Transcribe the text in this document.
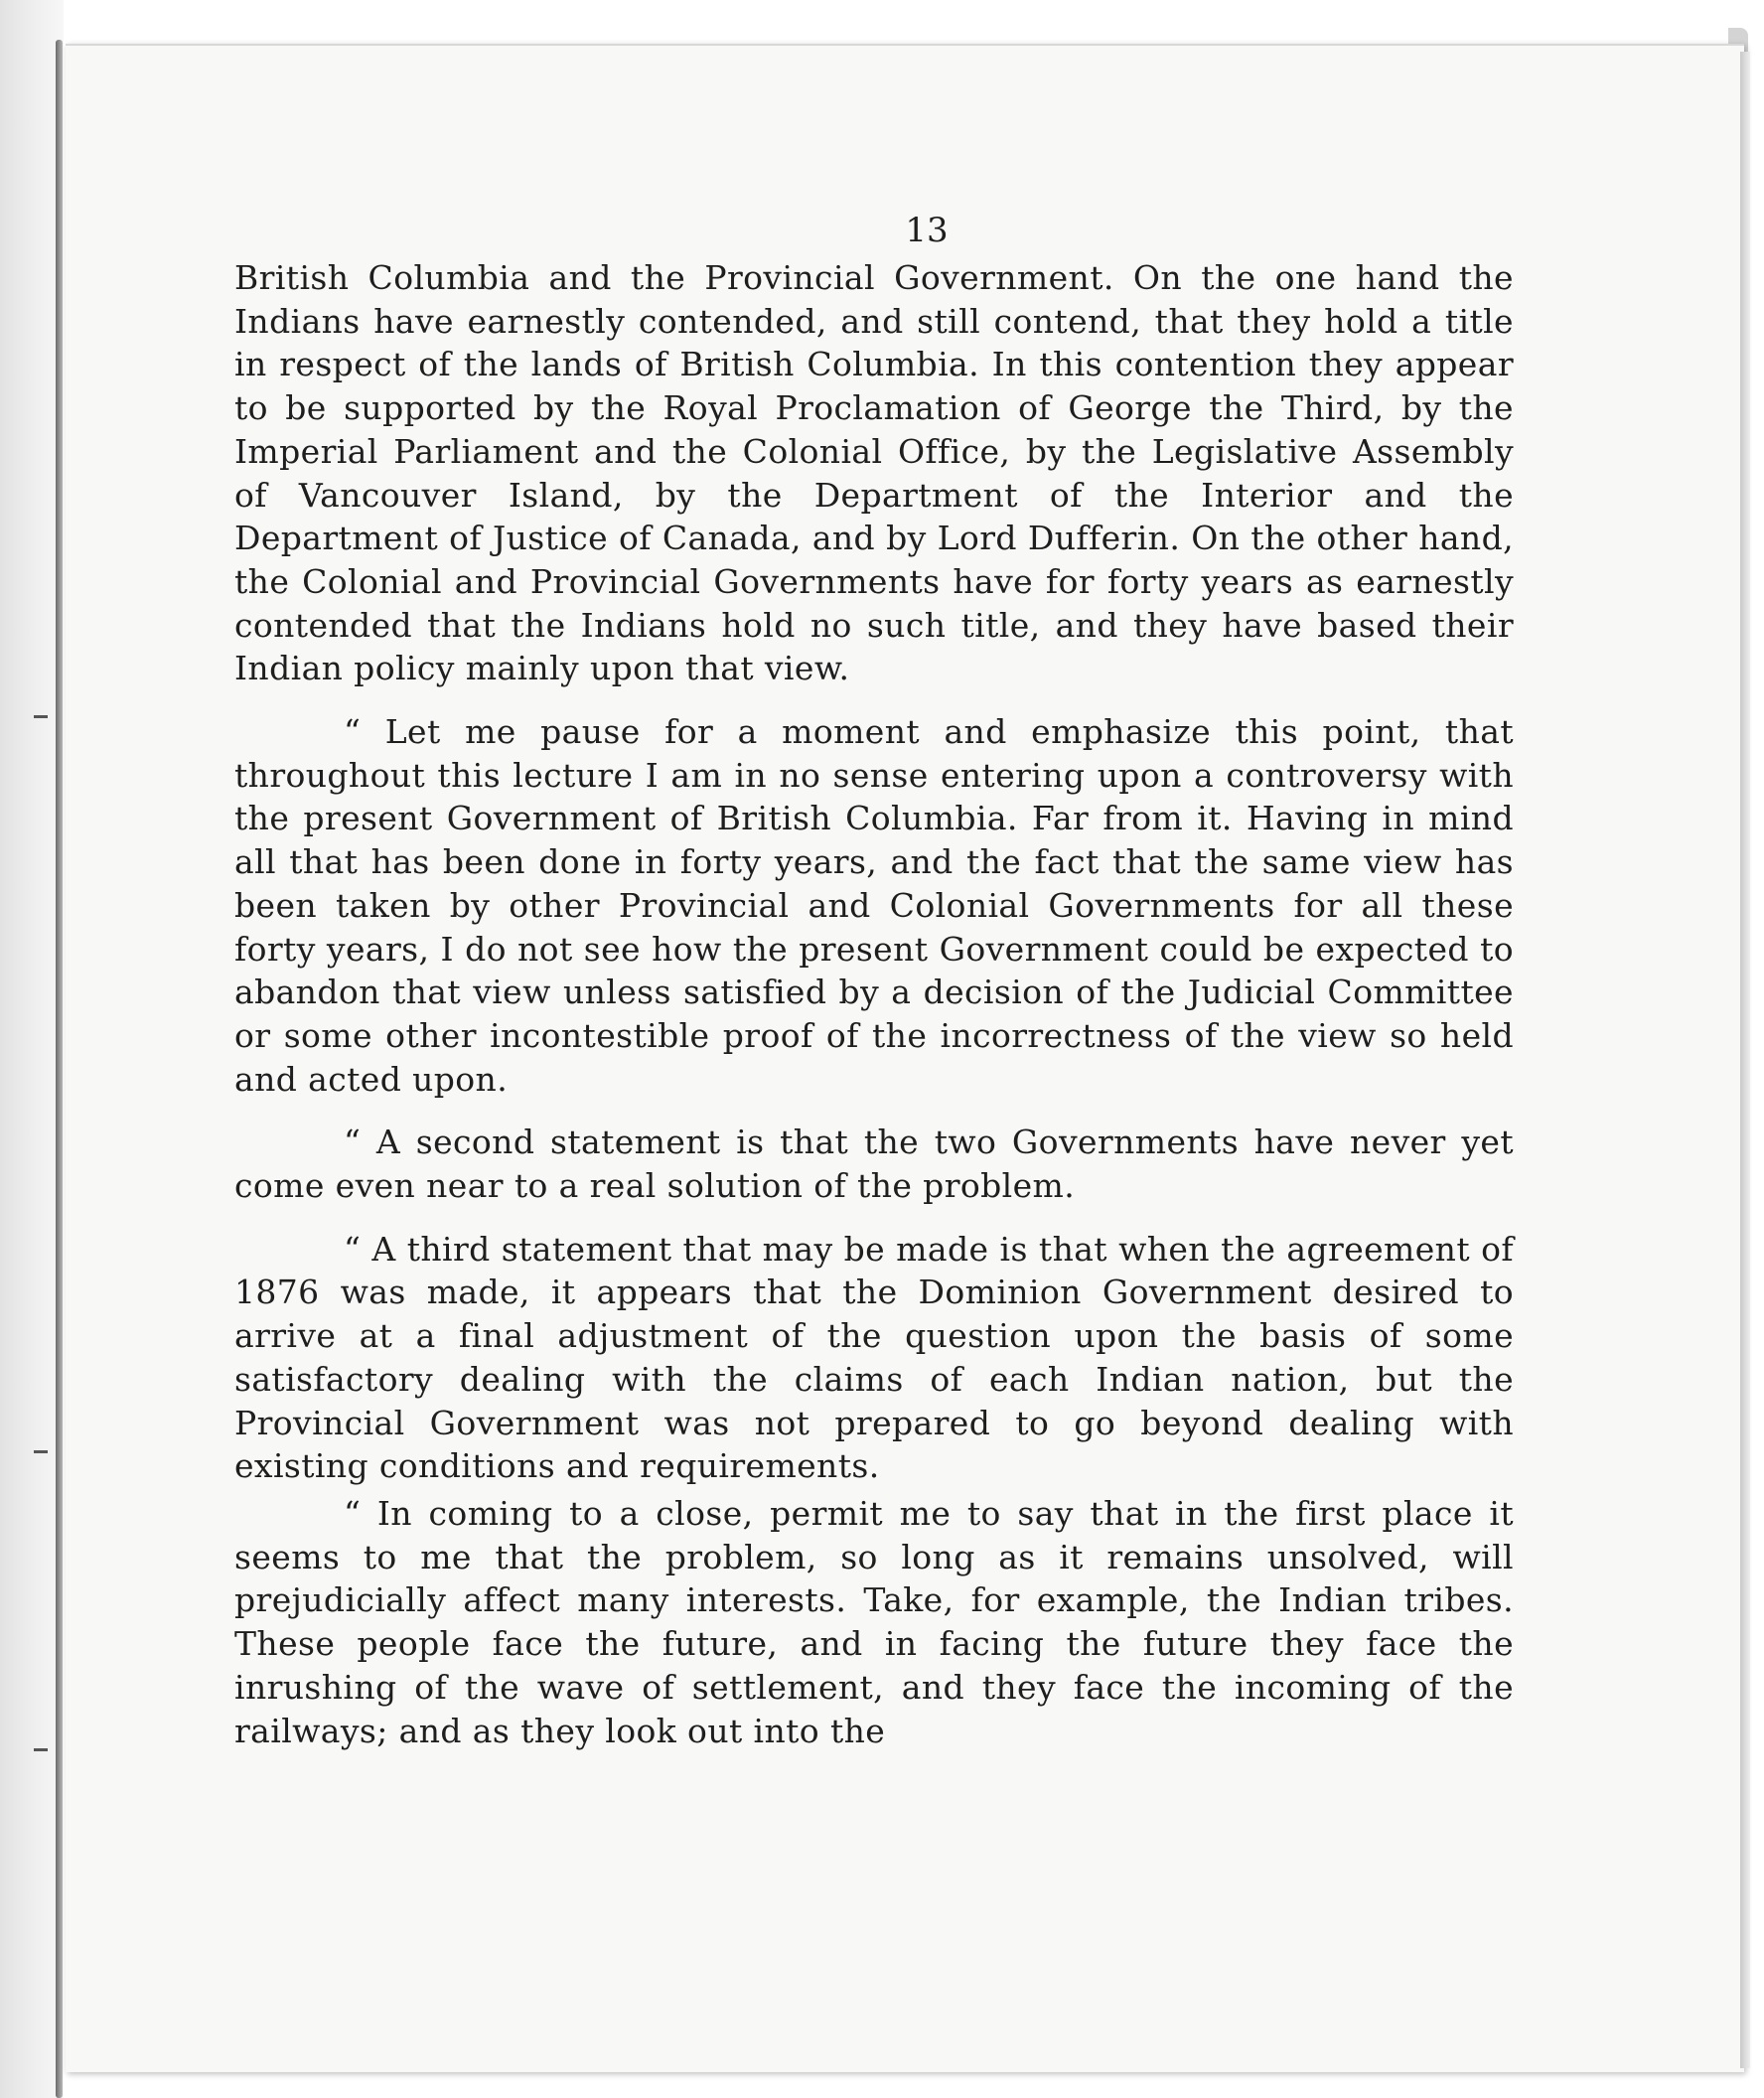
13

British Columbia and the Provincial Government. On the one hand the Indians have earnestly contended, and still contend, that they hold a title in respect of the lands of British Columbia. In this contention they appear to be supported by the Royal Proclamation of George the Third, by the Imperial Parliament and the Colonial Office, by the Legislative Assembly of Vancouver Island, by the Department of the Interior and the Department of Justice of Canada, and by Lord Dufferin. On the other hand, the Colonial and Provincial Governments have for forty years as earnestly contended that the Indians hold no such title, and they have based their Indian policy mainly upon that view.

“ Let me pause for a moment and emphasize this point, that throughout this lecture I am in no sense entering upon a controversy with the present Government of British Columbia. Far from it. Having in mind all that has been done in forty years, and the fact that the same view has been taken by other Provincial and Colonial Governments for all these forty years, I do not see how the present Government could be expected to abandon that view unless satisfied by a decision of the Judicial Committee or some other incontestible proof of the incorrectness of the view so held and acted upon.

“ A second statement is that the two Governments have never yet come even near to a real solution of the problem.

“ A third statement that may be made is that when the agreement of 1876 was made, it appears that the Dominion Government desired to arrive at a final adjustment of the question upon the basis of some satisfactory dealing with the claims of each Indian nation, but the Provincial Government was not prepared to go beyond dealing with existing conditions and requirements.

“ In coming to a close, permit me to say that in the first place it seems to me that the problem, so long as it remains unsolved, will prejudicially affect many interests. Take, for example, the Indian tribes. These people face the future, and in facing the future they face the inrushing of the wave of settlement, and they face the incoming of the railways; and as they look out into the
